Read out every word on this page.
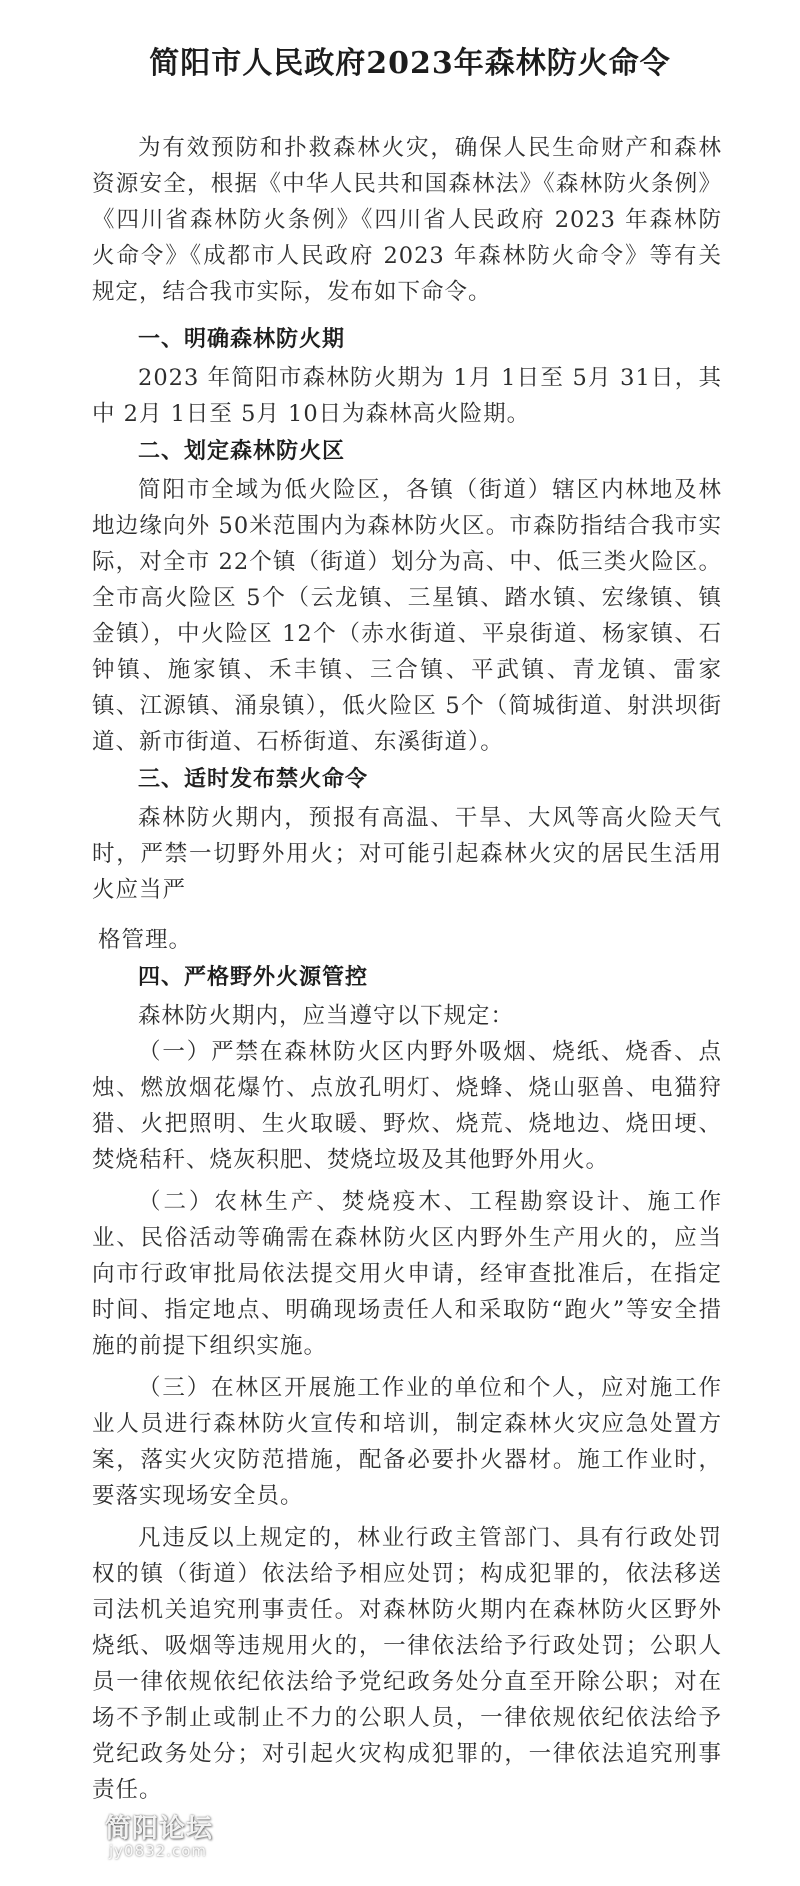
简阳市人民政府2023年森林防火命令

为有效预防和扑救森林火灾，确保人民生命财产和森林资源安全，根据《中华人民共和国森林法》《森林防火条例》《四川省森林防火条例》《四川省人民政府 2023 年森林防火命令》《成都市人民政府 2023 年森林防火命令》等有关规定，结合我市实际，发布如下命令。

一、明确森林防火期

2023 年简阳市森林防火期为 1月 1日至 5月 31日，其中 2月 1日至 5月 10日为森林高火险期。

二、划定森林防火区

简阳市全域为低火险区，各镇（街道）辖区内林地及林地边缘向外 50米范围内为森林防火区。市森防指结合我市实际，对全市 22个镇（街道）划分为高、中、低三类火险区。全市高火险区 5个（云龙镇、三星镇、踏水镇、宏缘镇、镇金镇），中火险区 12个（赤水街道、平泉街道、杨家镇、石钟镇、施家镇、禾丰镇、三合镇、平武镇、青龙镇、雷家镇、江源镇、涌泉镇），低火险区 5个（简城街道、射洪坝街道、新市街道、石桥街道、东溪街道）。

三、适时发布禁火命令

森林防火期内，预报有高温、干旱、大风等高火险天气时，严禁一切野外用火；对可能引起森林火灾的居民生活用火应当严

格管理。

四、严格野外火源管控

森林防火期内，应当遵守以下规定：

（一）严禁在森林防火区内野外吸烟、烧纸、烧香、点烛、燃放烟花爆竹、点放孔明灯、烧蜂、烧山驱兽、电猫狩猎、火把照明、生火取暖、野炊、烧荒、烧地边、烧田埂、焚烧秸秆、烧灰积肥、焚烧垃圾及其他野外用火。

（二）农林生产、焚烧疫木、工程勘察设计、施工作业、民俗活动等确需在森林防火区内野外生产用火的，应当向市行政审批局依法提交用火申请，经审查批准后，在指定时间、指定地点、明确现场责任人和采取防“跑火”等安全措施的前提下组织实施。

（三）在林区开展施工作业的单位和个人，应对施工作业人员进行森林防火宣传和培训，制定森林火灾应急处置方案，落实火灾防范措施，配备必要扑火器材。施工作业时，要落实现场安全员。

凡违反以上规定的，林业行政主管部门、具有行政处罚权的镇（街道）依法给予相应处罚；构成犯罪的，依法移送司法机关追究刑事责任。对森林防火期内在森林防火区野外烧纸、吸烟等违规用火的，一律依法给予行政处罚；公职人员一律依规依纪依法给予党纪政务处分直至开除公职；对在场不予制止或制止不力的公职人员，一律依规依纪依法给予党纪政务处分；对引起火灾构成犯罪的，一律依法追究刑事责任。

简阳论坛
jy0832.com
